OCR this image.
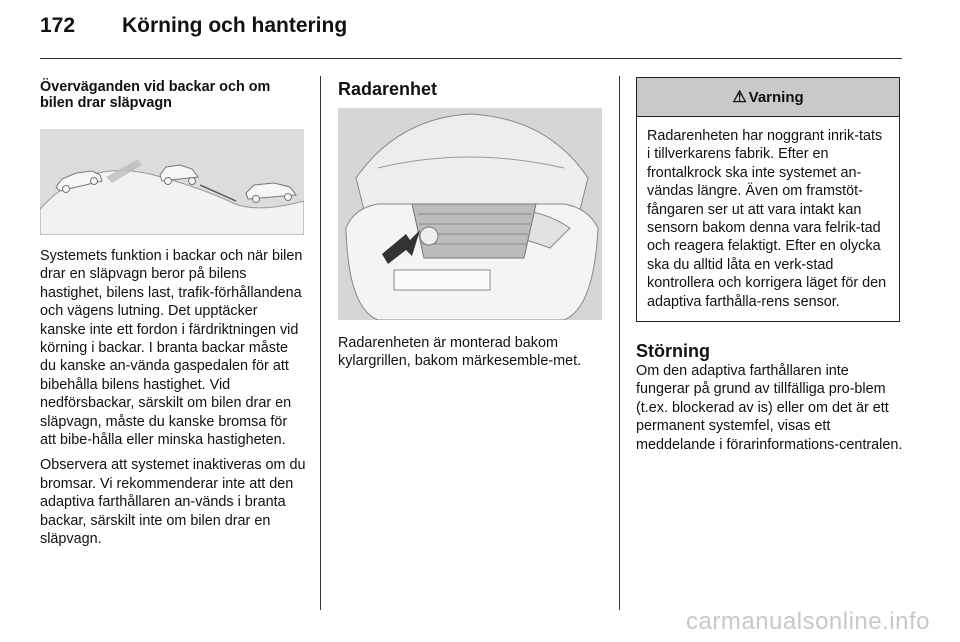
172 Körning och hantering
Överväganden vid backar och om bilen drar släpvagn

Systemets funktion i backar och när bilen drar en släpvagn beror på bilens hastighet, bilens last, trafik-förhållandena och vägens lutning. Det upptäcker kanske inte ett fordon i färdriktningen vid körning i backar. I branta backar måste du kanske an-vända gaspedalen för att bibehålla bilens hastighet. Vid nedförsbackar, särskilt om bilen drar en släpvagn, måste du kanske bromsa för att bibe-hålla eller minska hastigheten.

Observera att systemet inaktiveras om du bromsar. Vi rekommenderar inte att den adaptiva farthållaren an-vänds i branta backar, särskilt inte om bilen drar en släpvagn.

Radarenhet

Radarenheten är monterad bakom kylargrillen, bakom märkesemble-met.

⚠ Varning
Radarenheten har noggrant inrik-tats i tillverkarens fabrik. Efter en frontalkrock ska inte systemet an-vändas längre. Även om framstöt-fångaren ser ut att vara intakt kan sensorn bakom denna vara felrik-tad och reagera felaktigt. Efter en olycka ska du alltid låta en verk-stad kontrollera och korrigera läget för den adaptiva farthålla-rens sensor.
Störning

Om den adaptiva farthållaren inte fungerar på grund av tillfälliga pro-blem (t.ex. blockerad av is) eller om det är ett permanent systemfel, visas ett meddelande i förarinformations-centralen.

carmanualsonline.info
